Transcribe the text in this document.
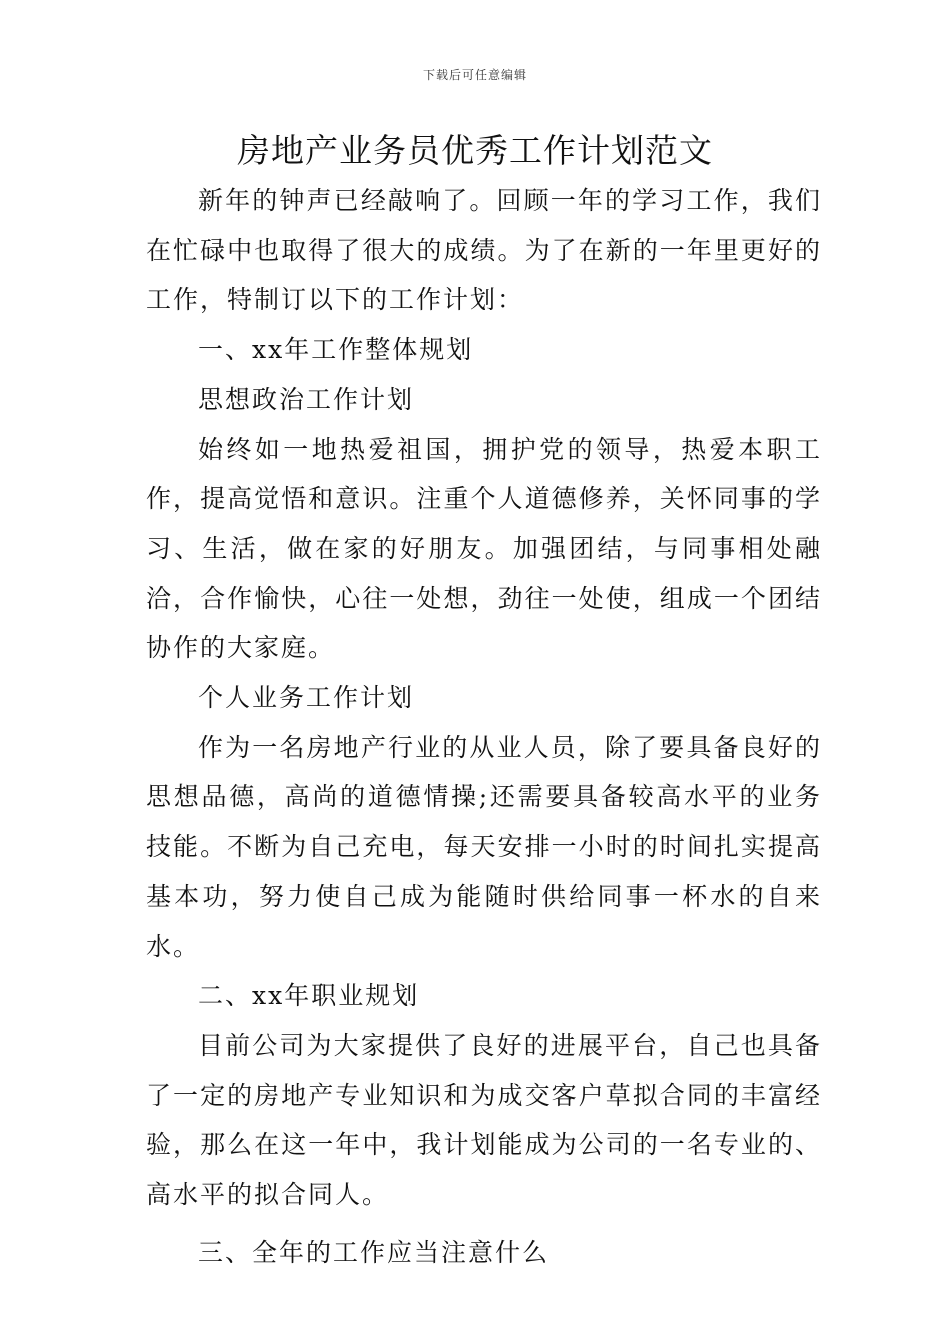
下载后可任意编辑
房地产业务员优秀工作计划范文

新年的钟声已经敲响了。回顾一年的学习工作，我们在忙碌中也取得了很大的成绩。为了在新的一年里更好的工作，特制订以下的工作计划：

一、xx年工作整体规划

思想政治工作计划

始终如一地热爱祖国，拥护党的领导，热爱本职工作，提高觉悟和意识。注重个人道德修养，关怀同事的学习、生活，做在家的好朋友。加强团结，与同事相处融洽，合作愉快，心往一处想，劲往一处使，组成一个团结协作的大家庭。

个人业务工作计划

作为一名房地产行业的从业人员，除了要具备良好的思想品德，高尚的道德情操;还需要具备较高水平的业务技能。不断为自己充电，每天安排一小时的时间扎实提高基本功，努力使自己成为能随时供给同事一杯水的自来水。

二、xx年职业规划

目前公司为大家提供了良好的进展平台，自己也具备了一定的房地产专业知识和为成交客户草拟合同的丰富经验，那么在这一年中，我计划能成为公司的一名专业的、高水平的拟合同人。

三、全年的工作应当注意什么
